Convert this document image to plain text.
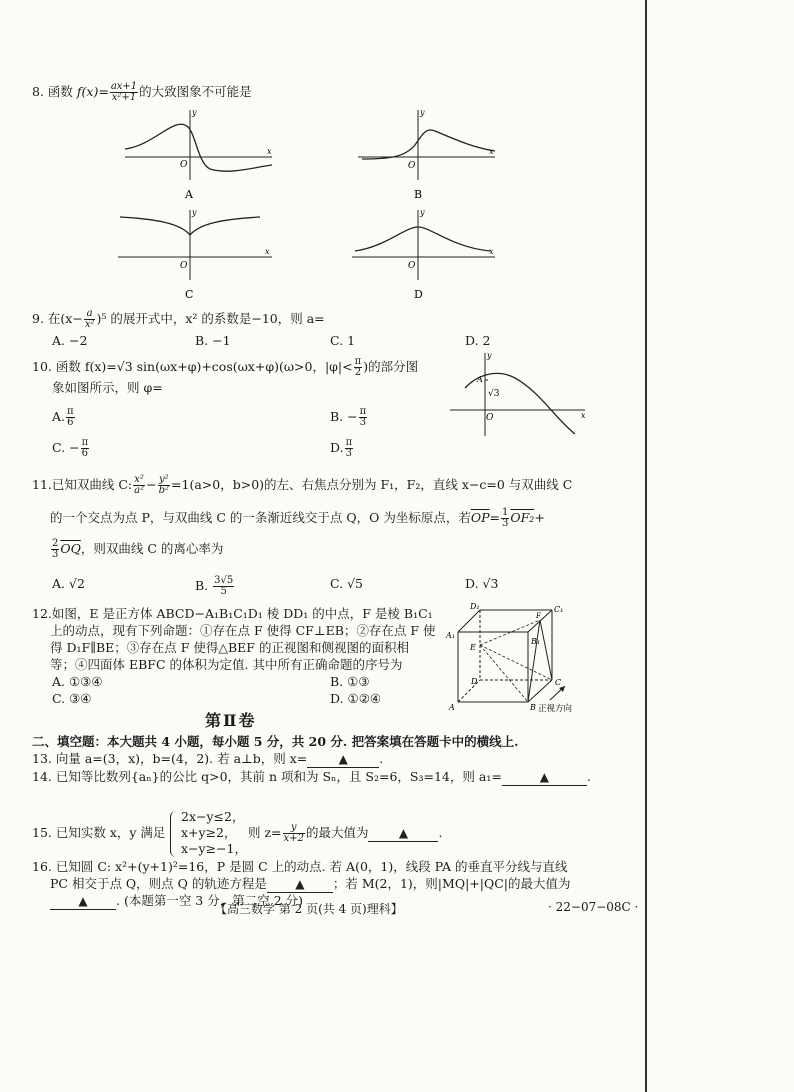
8. 函数 $f(x)= \frac{ax+1}{\text{x²+1}}$ 的大致图象不可能是
y
x
O
A
y
x
O
B
y
x
O
C
y
x
O
D
9. 在$(x- \frac{a}{\text{x²}} )^5$ 的展开式中，x² 的系数是−10，则 a=
A. −2	B. −1	C. 1	D. 2
10. 函数 f(x)=√3 sin(ωx+φ)+cos(ωx+φ)(ω>0，$|\varphi|< \frac{\pi}{2}$ )的部分图
象如图所示，则 φ=
A. $\frac{\pi}{6}$	B. − $\frac{\pi}{3}$
C. − $\frac{\pi}{6}$	D. $\frac{\pi}{3}$
y
x
O
A
√3
11.已知双曲线 C: $\frac{\text{x²}}{\text{a²}} - \frac{\text{y²}}{\text{b²}} =1(a>0$，b>0)的左、右焦点分别为 F₁，F₂，直线 x−c=0 与双曲线 C
的一个交点为点 P，与双曲线 C 的一条渐近线交于点 Q，O 为坐标原点，若$\overline{OP}= \frac{1}{3} OF_2+$
$\frac{2}{3} \overline{OQ}$，则双曲线 C 的离心率为
A. √2	B. $\frac{3√5}{5}$	C. √5	D. √3
12.如图，E 是正方体 ABCD−A₁B₁C₁D₁ 棱 DD₁ 的中点，F 是棱 B₁C₁
上的动点，现有下列命题：①存在点 F 使得 CF⊥EB；②存在点 F 使
得 D₁F∥BE；③存在点 F 使得△BEF 的正视图和侧视图的面积相
等；④四面体 EBFC 的体积为定值. 其中所有正确命题的序号为
A. ①③④	B. ①③
C. ③④	D. ①②④
D₁	C₁
A₁
B₁
E
F
D	C
A	B 正视方向
第Ⅱ卷
二、填空题：本大题共 4 小题，每小题 5 分，共 20 分. 把答案填在答题卡中的横线上.
13. 向量 a=(3，x)，b=(4，2). 若 a⊥b，则 x=	▲	.
14. 已知等比数列{aₙ}的公比 q>0，其前 n 项和为 Sₙ，且 S₂=6，S₃=14，则 a₁=	▲	.
15. 已知实数 x，y 满足
2x−y≤2，
x+y≥2，
x−y≥−1，
则 $z= \frac{y}{x+2}$ 的最大值为	▲ .
16. 已知圆 C: x²+(y+1)²=16，P 是圆 C 上的动点. 若 A(0，1)，线段 PA 的垂直平分线与直线
PC 相交于点 Q，则点 Q 的轨迹方程是 ▲ ；若 M(2，1)，则|MQ|+|QC|的最大值为
▲ . (本题第一空 3 分，第二空 2 分)
【高三数学 第 2 页(共 4 页)理科】	· 22−07−08C ·
